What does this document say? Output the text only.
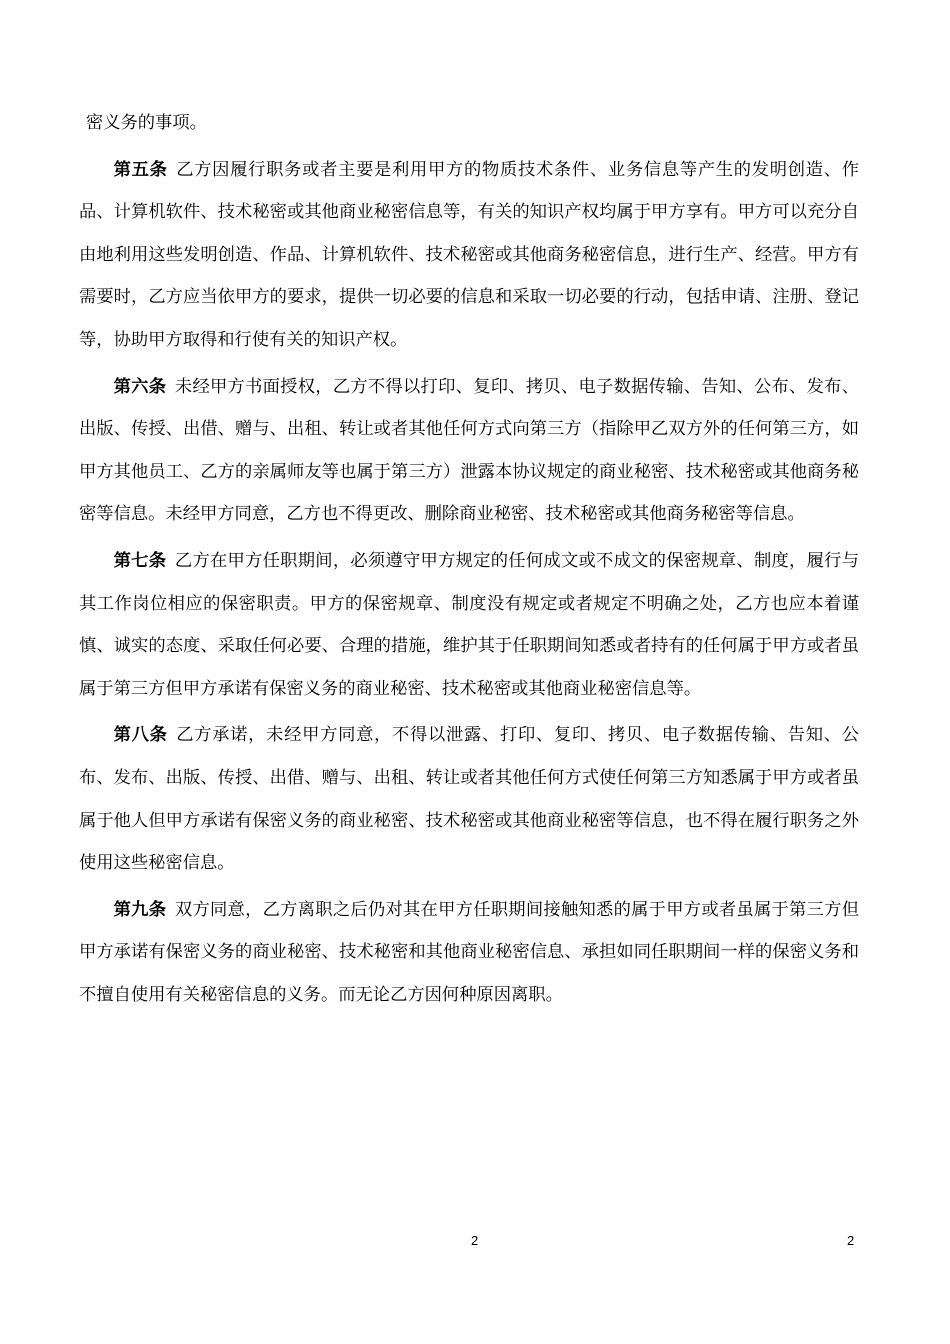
密义务的事项。

第五条 乙方因履行职务或者主要是利用甲方的物质技术条件、业务信息等产生的发明创造、作品、计算机软件、技术秘密或其他商业秘密信息等，有关的知识产权均属于甲方享有。甲方可以充分自由地利用这些发明创造、作品、计算机软件、技术秘密或其他商务秘密信息，进行生产、经营。甲方有需要时，乙方应当依甲方的要求，提供一切必要的信息和采取一切必要的行动，包括申请、注册、登记等，协助甲方取得和行使有关的知识产权。

第六条 未经甲方书面授权，乙方不得以打印、复印、拷贝、电子数据传输、告知、公布、发布、出版、传授、出借、赠与、出租、转让或者其他任何方式向第三方（指除甲乙双方外的任何第三方，如甲方其他员工、乙方的亲属师友等也属于第三方）泄露本协议规定的商业秘密、技术秘密或其他商务秘密等信息。未经甲方同意，乙方也不得更改、删除商业秘密、技术秘密或其他商务秘密等信息。

第七条 乙方在甲方任职期间，必须遵守甲方规定的任何成文或不成文的保密规章、制度，履行与其工作岗位相应的保密职责。甲方的保密规章、制度没有规定或者规定不明确之处，乙方也应本着谨慎、诚实的态度、采取任何必要、合理的措施，维护其于任职期间知悉或者持有的任何属于甲方或者虽属于第三方但甲方承诺有保密义务的商业秘密、技术秘密或其他商业秘密信息等。

第八条 乙方承诺，未经甲方同意，不得以泄露、打印、复印、拷贝、电子数据传输、告知、公布、发布、出版、传授、出借、赠与、出租、转让或者其他任何方式使任何第三方知悉属于甲方或者虽属于他人但甲方承诺有保密义务的商业秘密、技术秘密或其他商业秘密等信息，也不得在履行职务之外使用这些秘密信息。

第九条 双方同意，乙方离职之后仍对其在甲方任职期间接触知悉的属于甲方或者虽属于第三方但甲方承诺有保密义务的商业秘密、技术秘密和其他商业秘密信息、承担如同任职期间一样的保密义务和不擅自使用有关秘密信息的义务。而无论乙方因何种原因离职。

2	2
